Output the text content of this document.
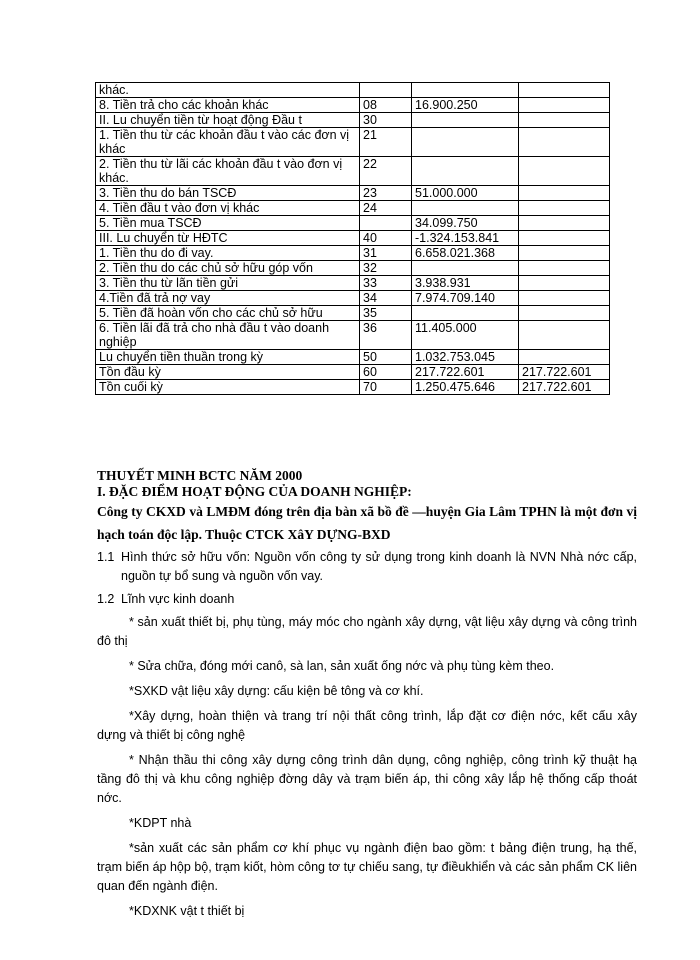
khác.			
8. Tiền trả cho các khoản khác	08	16.900.250	
II. Lu chuyển tiền từ hoạt động Đầu t	30		
1. Tiền thu từ các khoản đầu t vào các đơn vị khác	21		
2. Tiền thu từ lãi các khoản đầu t vào đơn vị khác.	22		
3. Tiền thu do bán TSCĐ	23	51.000.000	
4. Tiền đầu t vào đơn vị khác	24		
5. Tiền mua TSCĐ		34.099.750	
III. Lu chuyển từ HĐTC	40	-1.324.153.841	
1. Tiền thu do đi vay.	31	6.658.021.368	
2. Tiền thu do các chủ sở hữu góp vốn	32		
3. Tiền thu từ lãn tiền gửi	33	3.938.931	
4.Tiền đã trả nợ vay	34	7.974.709.140	
5. Tiền đã hoàn vốn cho các chủ sở hữu	35		
6. Tiền lãi đã trả cho nhà đầu t vào doanh nghiệp	36	11.405.000	
Lu chuyển tiền thuần trong kỳ	50	1.032.753.045	
Tồn đầu kỳ	60	217.722.601	217.722.601
Tồn cuối kỳ	70	1.250.475.646	217.722.601
THUYẾT MINH BCTC NĂM 2000
I. ĐẶC ĐIỂM HOẠT ĐỘNG CỦA DOANH NGHIỆP:
Công ty CKXD và LMĐM đóng trên địa bàn xã bồ đề —huyện Gia Lâm TPHN là một đơn vị hạch toán độc lập. Thuộc CTCK XâY DỰNG-BXD
1.1 Hình thức sở hữu vốn: Nguồn vốn công ty sử dụng trong kinh doanh là NVN Nhà nớc cấp, nguồn tự bổ sung và nguồn vốn vay.
1.2 Lĩnh vực kinh doanh
* sản xuất thiết bị, phụ tùng, máy móc cho ngành xây dựng, vật liệu xây dựng và công trình đô thị
* Sửa chữa, đóng mới canô, sà lan, sản xuất ống nớc và phụ tùng kèm theo.
*SXKD vật liệu xây dựng: cấu kiện bê tông và cơ khí.
*Xây dựng, hoàn thiện và trang trí nội thất công trình, lắp đặt cơ điện nớc, kết cấu xây dựng và thiết bị công nghệ
* Nhận thầu thi công xây dựng công trình dân dụng, công nghiệp, công trình kỹ thuật hạ tầng đô thị và khu công nghiệp đờng dây và trạm biến áp, thi công xây lắp hệ thống cấp thoát nớc.
*KDPT nhà
*sản xuất các sản phẩm cơ khí phục vụ ngành điện bao gồm: t bảng điện trung, hạ thế, trạm biến áp hộp bộ, trạm kiốt, hòm công tơ tự chiếu sang, tự điềukhiển và các sản phẩm CK liên quan đến ngành điện.
*KDXNK vật t thiết bị
